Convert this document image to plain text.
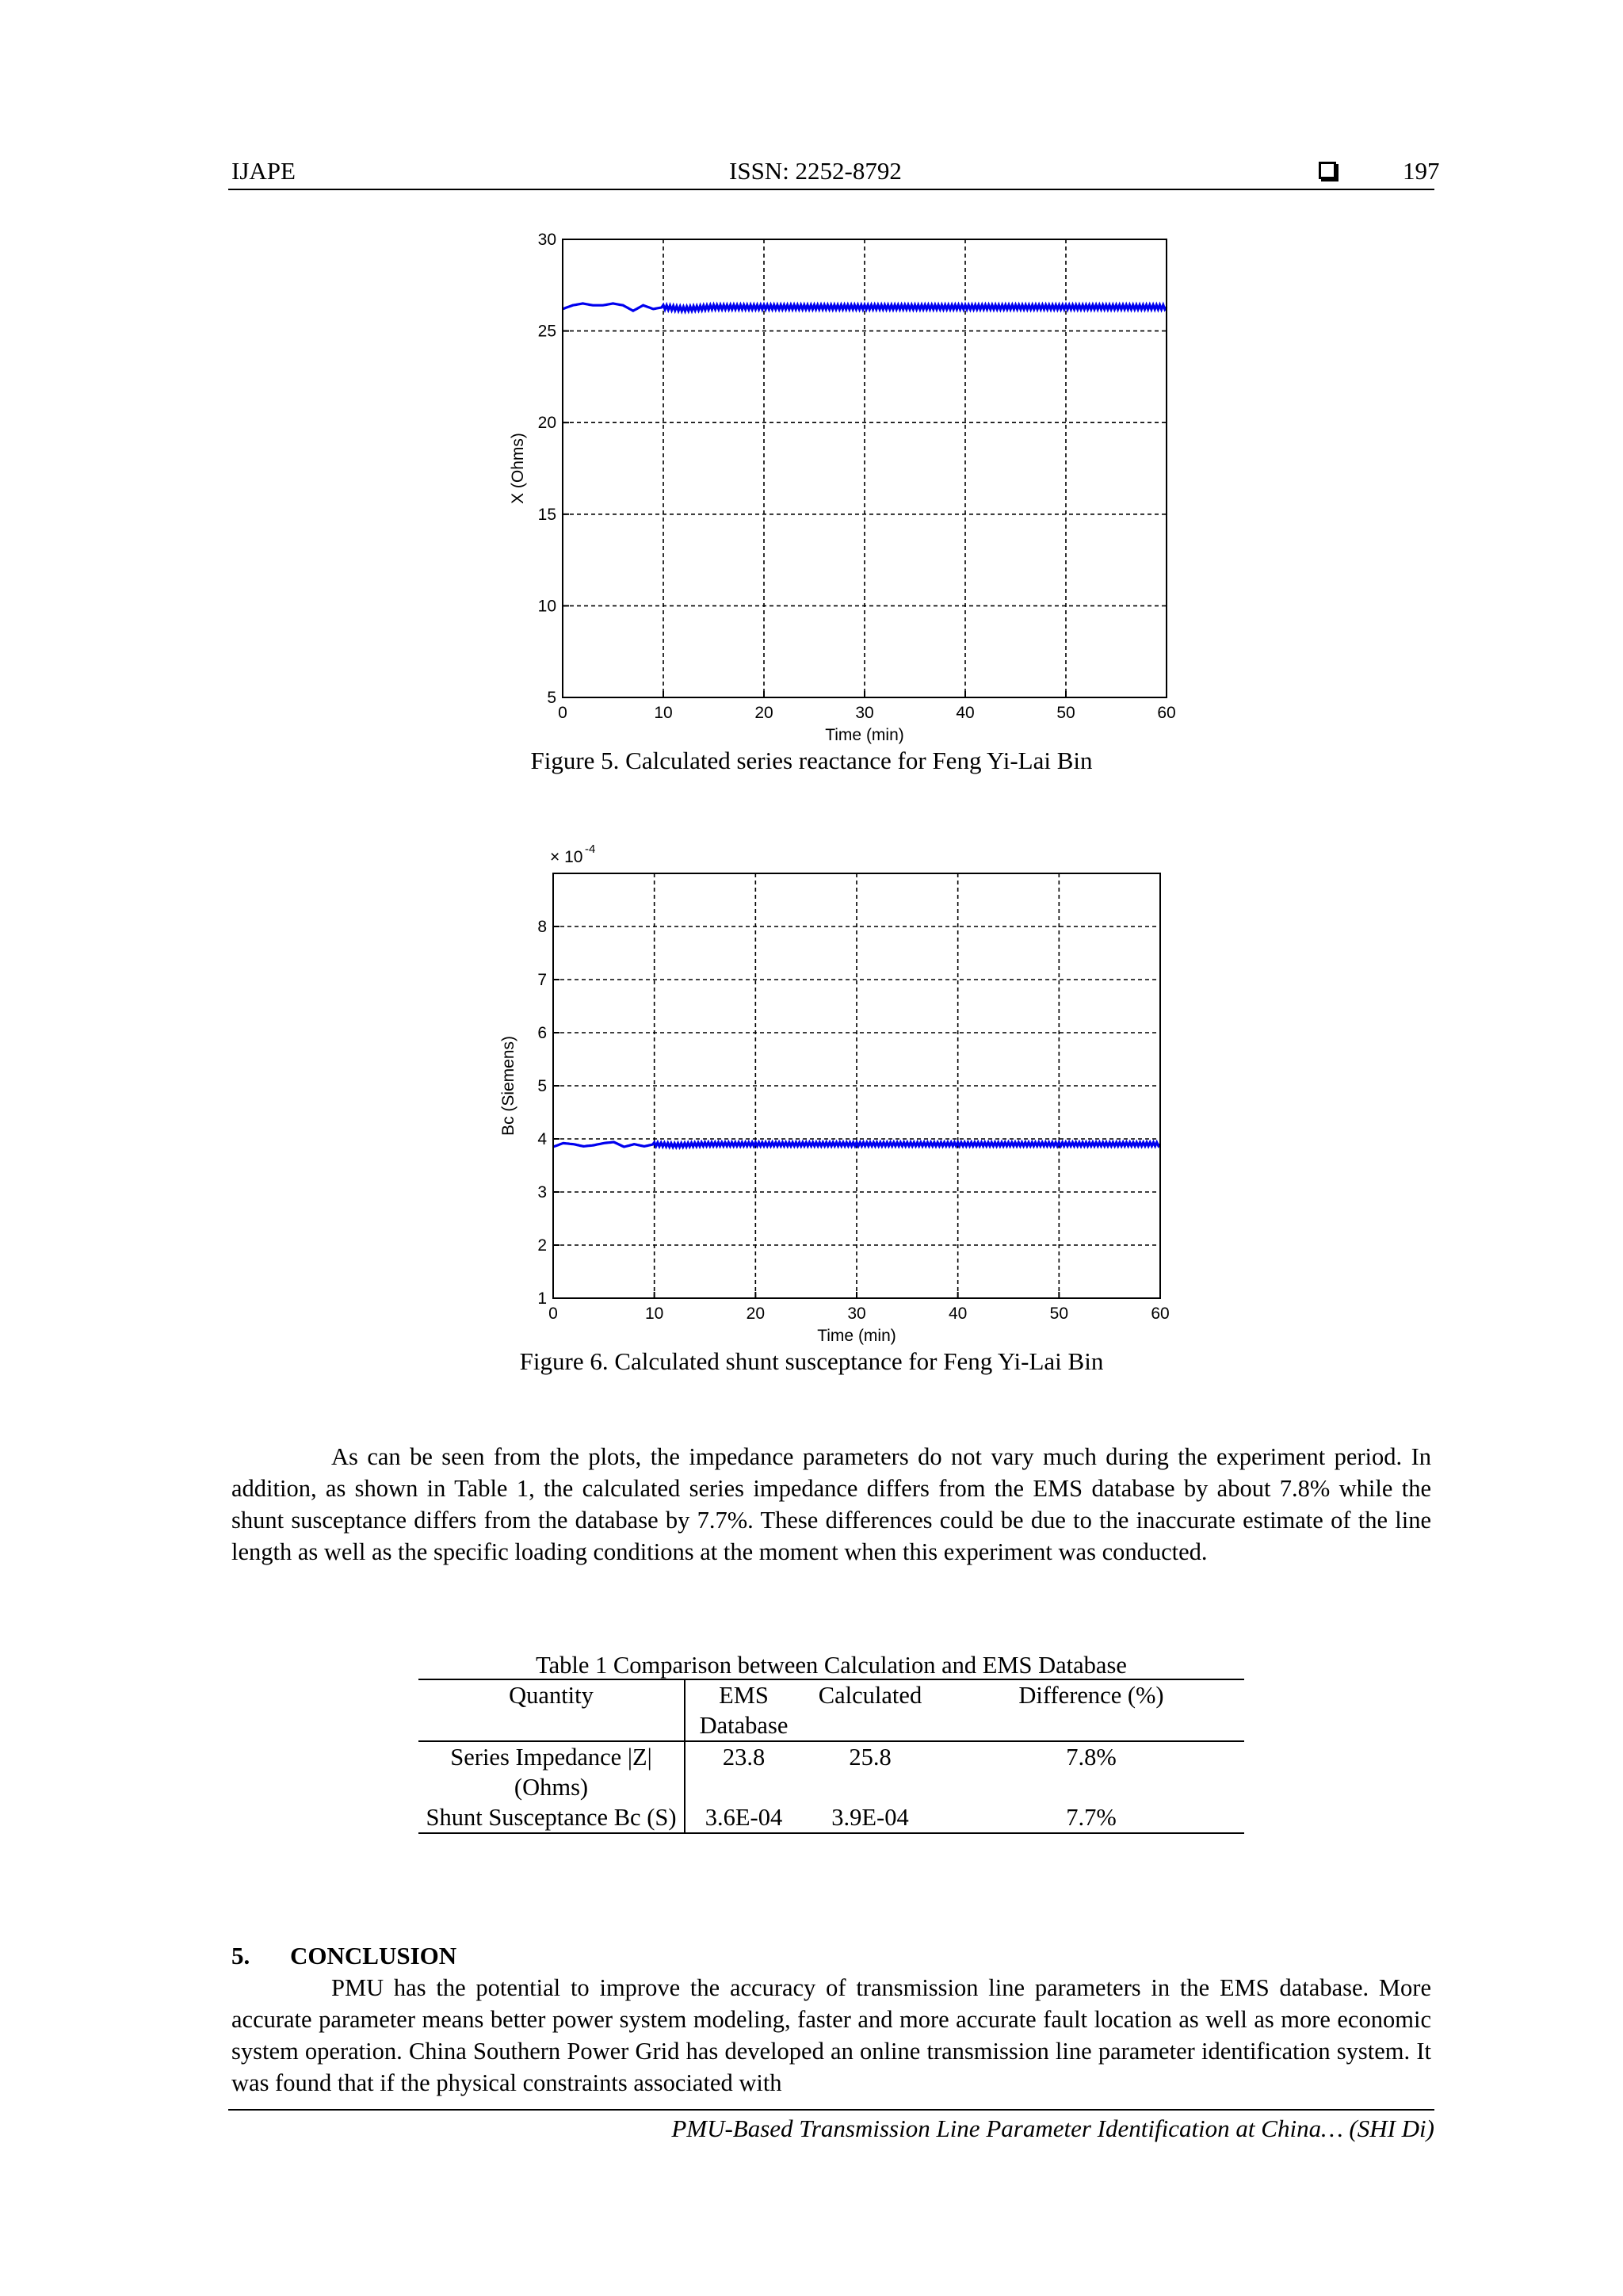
IJAPE	ISSN: 2252-8792	197
0	10	20	30	40	50	60
5
10
15
20
25
30
Time (min)
X (Ohms)
Figure 5. Calculated series reactance for Feng Yi-Lai Bin
0	10	20	30	40	50	60
1
2
3
4
5
6
7
8
Time (min)
Bc (Siemens)
× 10 -4
Figure 6. Calculated shunt susceptance for Feng Yi-Lai Bin

As can be seen from the plots, the impedance parameters do not vary much during the experiment period. In addition, as shown in Table 1, the calculated series impedance differs from the EMS database by about 7.8% while the shunt susceptance differs from the database by 7.7%. These differences could be due to the inaccurate estimate of the line length as well as the specific loading conditions at the moment when this experiment was conducted.

Table 1 Comparison between Calculation and EMS Database
Quantity	EMS Database	Calculated	Difference (%)
Series Impedance |Z| (Ohms)	23.8	25.8	7.8%
Shunt Susceptance Bc (S)	3.6E-04	3.9E-04	7.7%
5. CONCLUSION

PMU has the potential to improve the accuracy of transmission line parameters in the EMS database. More accurate parameter means better power system modeling, faster and more accurate fault location as well as more economic system operation. China Southern Power Grid has developed an online transmission line parameter identification system. It was found that if the physical constraints associated with

PMU-Based Transmission Line Parameter Identification at China… (SHI Di)
